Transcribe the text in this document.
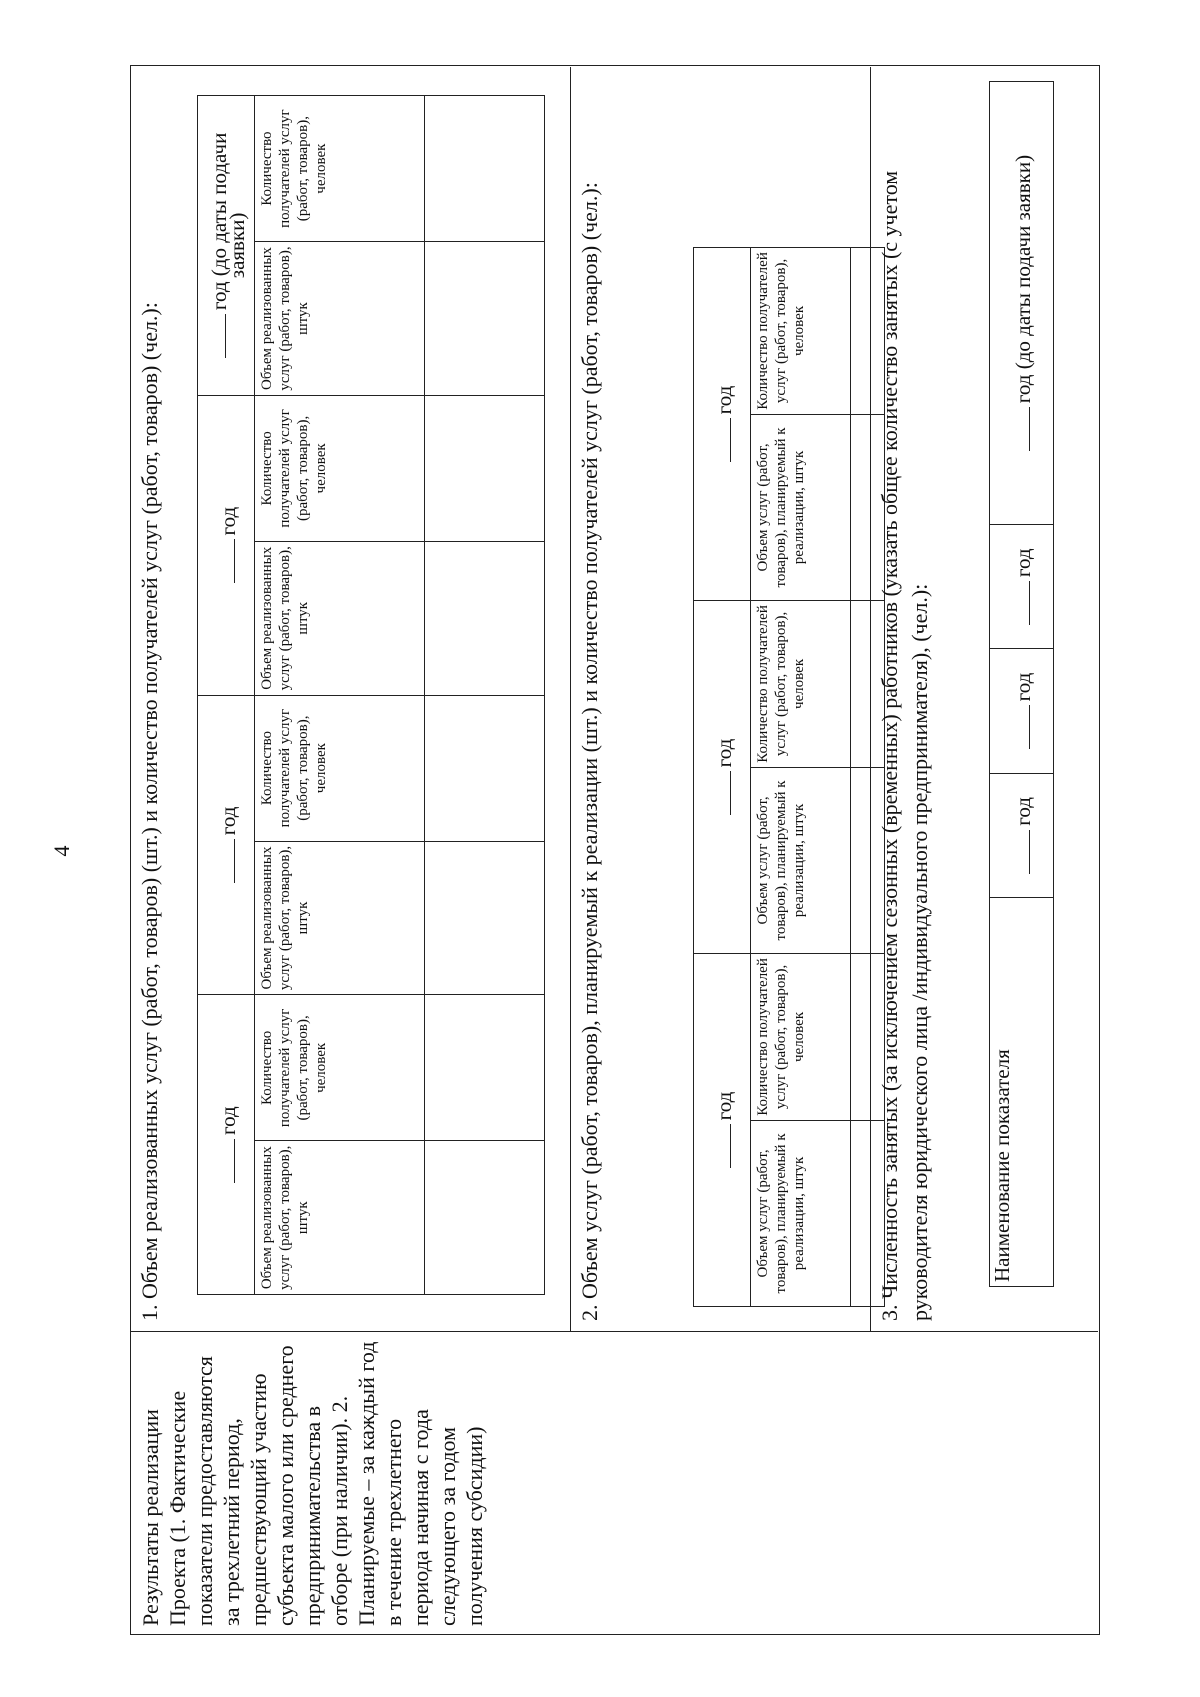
4
Результаты реализации Проекта (1. Фактические показатели предоставляются за трехлетний период, предшествующий участию субъекта малого или среднего предпринимательства в отборе (при наличии). 2. Планируемые – за каждый год в течение трехлетнего периода начиная с года следующего за годом получения субсидии)
1. Объем реализованных услуг (работ, товаров) (шт.) и количество получателей услуг (работ, товаров) (чел.):	год		год		год		год (до даты подачи заявки)	
Объем реализованных услуг (работ, товаров), штук	Количество получателей услуг (работ, товаров), человек	Объем реализованных услуг (работ, товаров), штук	Количество получателей услуг (работ, товаров), человек	Объем реализованных услуг (работ, товаров), штук	Количество получателей услуг (работ, товаров), человек	Объем реализованных услуг (работ, товаров), штук	Количество получателей услуг (работ, товаров), человек

2. Объем услуг (работ, товаров), планируемый к реализации (шт.) и количество получателей услуг (работ, товаров) (чел.):	год		год		год	
Объем услуг (работ, товаров), планируемый к реализации, штук	Количество получателей услуг (работ, товаров), человек	Объем услуг (работ, товаров), планируемый к реализации, штук	Количество получателей услуг (работ, товаров), человек	Объем услуг (работ, товаров), планируемый к реализации, штук	Количество получателей услуг (работ, товаров), человек
						3. Численность занятых (за исключением сезонных (временных) работников (указать общее количество занятых (с учетом руководителя юридического лица /индивидуального предпринимателя), (чел.):	Наименование показателя	год	год	год	год (до даты подачи заявки)
